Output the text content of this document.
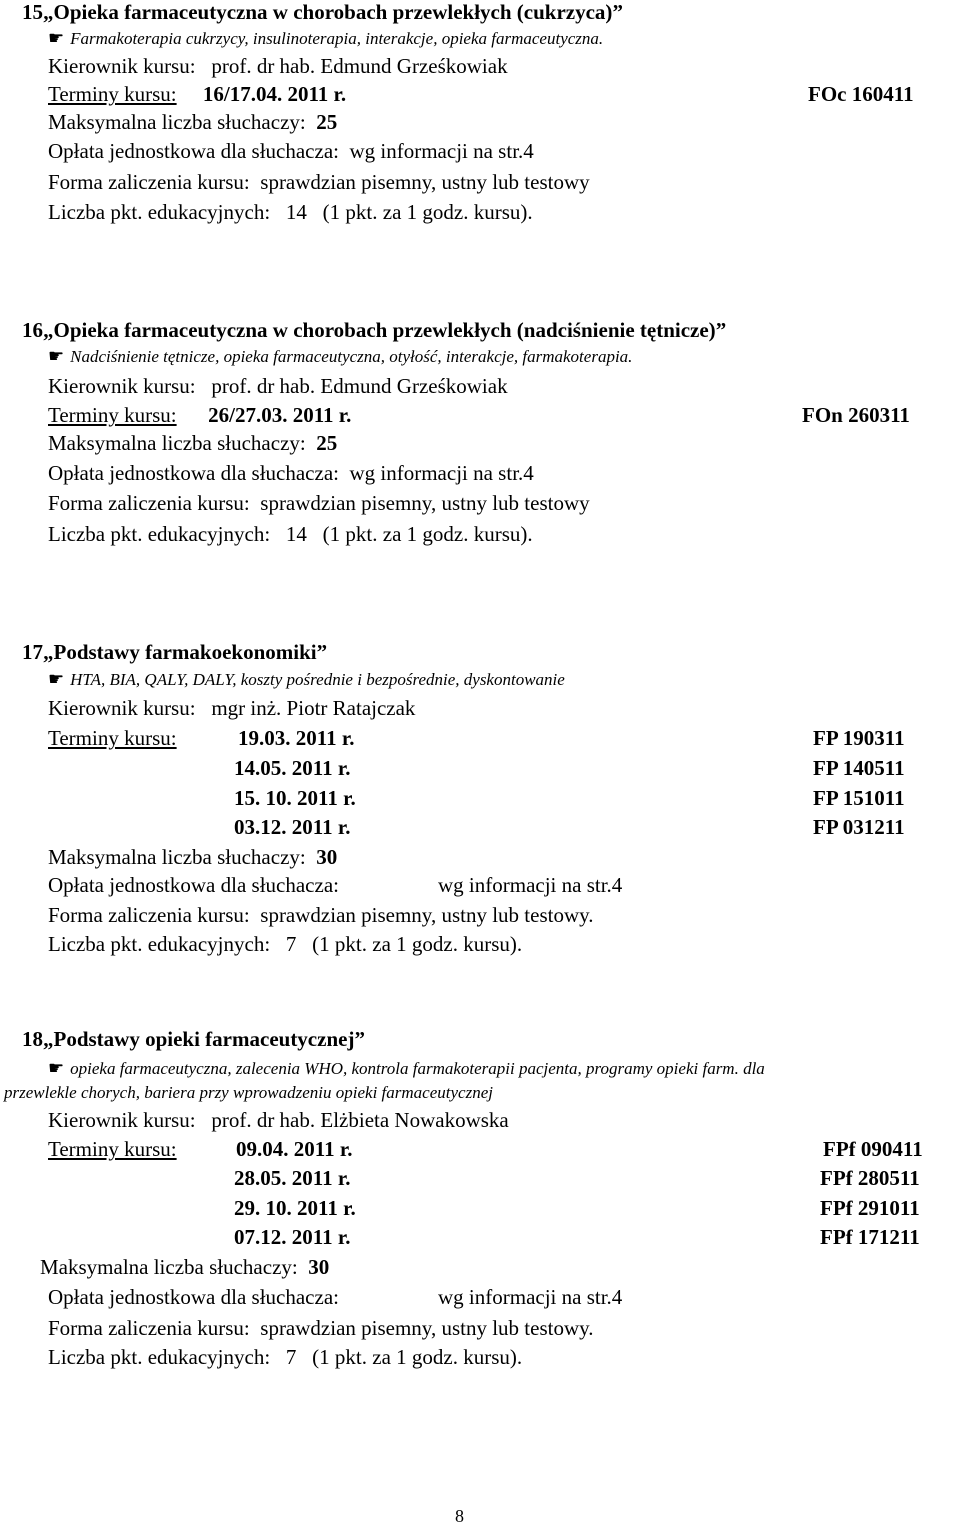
15„Opieka farmaceutyczna w chorobach przewlekłych (cukrzyca)”
☛ Farmakoterapia cukrzycy, insulinoterapia, interakcje, opieka farmaceutyczna.
Kierownik kursu: prof. dr hab. Edmund Grześkowiak
Terminy kursu: 16/17.04. 2011 r.	FOc 160411
Maksymalna liczba słuchaczy: 25
Opłata jednostkowa dla słuchacza: wg informacji na str.4
Forma zaliczenia kursu: sprawdzian pisemny, ustny lub testowy
Liczba pkt. edukacyjnych: 14 (1 pkt. za 1 godz. kursu).
16„Opieka farmaceutyczna w chorobach przewlekłych (nadciśnienie tętnicze)”
☛ Nadciśnienie tętnicze, opieka farmaceutyczna, otyłość, interakcje, farmakoterapia.
Kierownik kursu: prof. dr hab. Edmund Grześkowiak
Terminy kursu: 26/27.03. 2011 r.	FOn 260311
Maksymalna liczba słuchaczy: 25
Opłata jednostkowa dla słuchacza: wg informacji na str.4
Forma zaliczenia kursu: sprawdzian pisemny, ustny lub testowy
Liczba pkt. edukacyjnych: 14 (1 pkt. za 1 godz. kursu).
17„Podstawy farmakoekonomiki”
☛ HTA, BIA, QALY, DALY, koszty pośrednie i bezpośrednie, dyskontowanie
Kierownik kursu: mgr inż. Piotr Ratajczak
Terminy kursu:	19.03. 2011 r.	FP 190311
14.05. 2011 r.	FP 140511
15. 10. 2011 r.	FP 151011
03.12. 2011 r.	FP 031211
Maksymalna liczba słuchaczy: 30
Opłata jednostkowa dla słuchacza:	wg informacji na str.4
Forma zaliczenia kursu: sprawdzian pisemny, ustny lub testowy.
Liczba pkt. edukacyjnych: 7 (1 pkt. za 1 godz. kursu).
18„Podstawy opieki farmaceutycznej”
☛ opieka farmaceutyczna, zalecenia WHO, kontrola farmakoterapii pacjenta, programy opieki farm. dla
przewlekle chorych, bariera przy wprowadzeniu opieki farmaceutycznej
Kierownik kursu: prof. dr hab. Elżbieta Nowakowska
Terminy kursu:	09.04. 2011 r.	FPf 090411
28.05. 2011 r.	FPf 280511
29. 10. 2011 r.	FPf 291011
07.12. 2011 r.	FPf 171211
Maksymalna liczba słuchaczy: 30
Opłata jednostkowa dla słuchacza:	wg informacji na str.4
Forma zaliczenia kursu: sprawdzian pisemny, ustny lub testowy.
Liczba pkt. edukacyjnych: 7 (1 pkt. za 1 godz. kursu).
8
